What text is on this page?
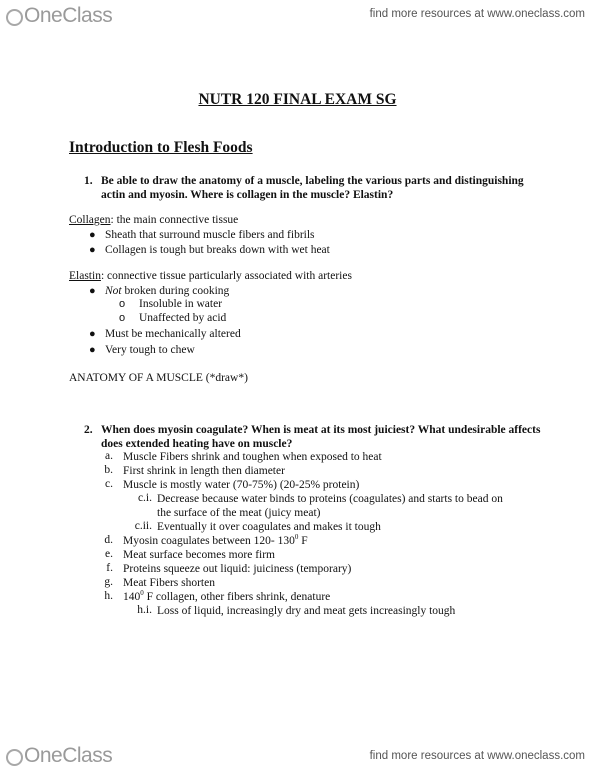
OneClass	find more resources at www.oneclass.com
NUTR 120 FINAL EXAM SG
Introduction to Flesh Foods
1. Be able to draw the anatomy of a muscle, labeling the various parts and distinguishing actin and myosin. Where is collagen in the muscle? Elastin?
Collagen: the main connective tissue
● Sheath that surround muscle fibers and fibrils
● Collagen is tough but breaks down with wet heat
Elastin: connective tissue particularly associated with arteries
● Not broken during cooking
o Insoluble in water
o Unaffected by acid
● Must be mechanically altered
● Very tough to chew
ANATOMY OF A MUSCLE (*draw*)
2. When does myosin coagulate? When is meat at its most juiciest? What undesirable affects does extended heating have on muscle?
a. Muscle Fibers shrink and toughen when exposed to heat
b. First shrink in length then diameter
c. Muscle is mostly water (70-75%) (20-25% protein)
c.i. Decrease because water binds to proteins (coagulates) and starts to bead on
the surface of the meat (juicy meat)
c.ii. Eventually it over coagulates and makes it tough
d. Myosin coagulates between 120- $130^0$ F
e. Meat surface becomes more firm
f. Proteins squeeze out liquid: juiciness (temporary)
g. Meat Fibers shorten
h. $140^0$ F collagen, other fibers shrink, denature
h.i. Loss of liquid, increasingly dry and meat gets increasingly tough
OneClass	find more resources at www.oneclass.com
